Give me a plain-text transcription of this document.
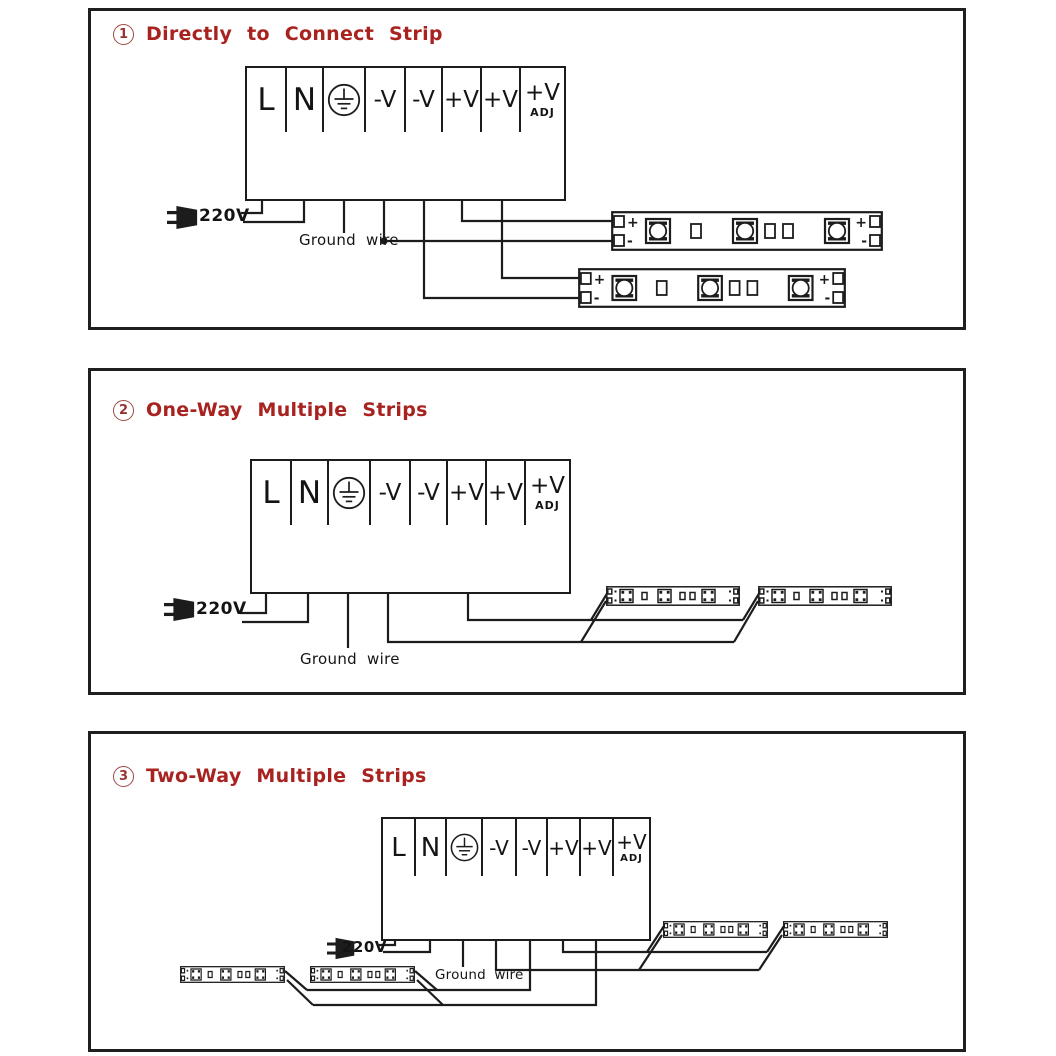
1 Directly to Connect Strip
L N	-V -V +V +V +V
ADJ
220V
Ground wire
2 One-Way Multiple Strips
L N	-V -V +V +V +V
ADJ
220V
Ground wire
3 Two-Way Multiple Strips
L N	-V -V +V +V +V
ADJ
220V
Ground wire
